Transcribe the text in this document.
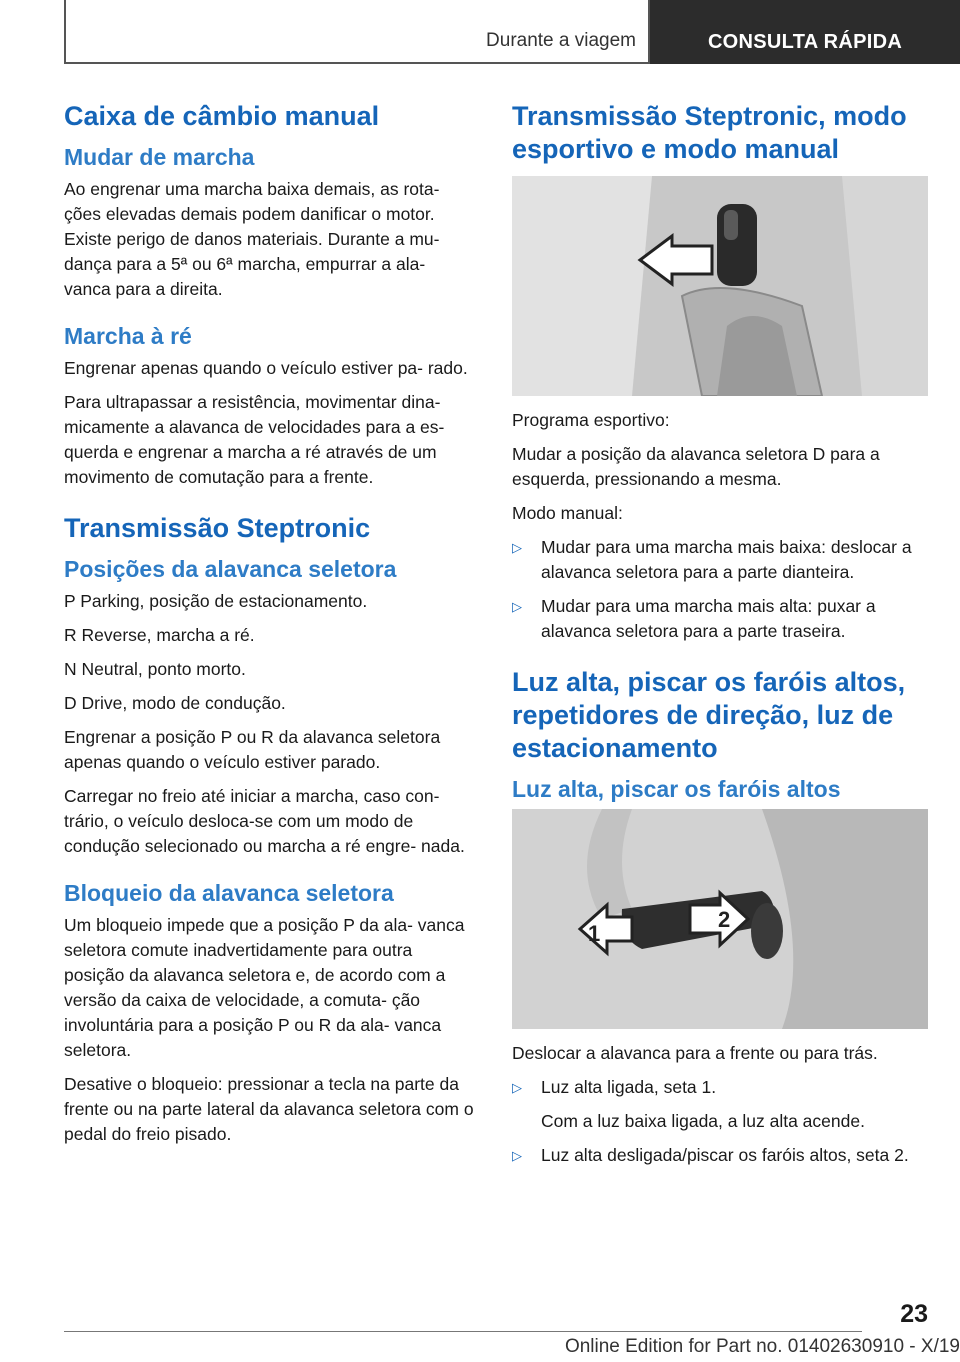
Durante a viagem	CONSULTA RÁPIDA
Caixa de câmbio manual
Mudar de marcha

Ao engrenar uma marcha baixa demais, as rota‐ ções elevadas demais podem danificar o motor. Existe perigo de danos materiais. Durante a mu‐ dança para a 5ª ou 6ª marcha, empurrar a ala‐ vanca para a direita.

Marcha à ré

Engrenar apenas quando o veículo estiver pa‐ rado.

Para ultrapassar a resistência, movimentar dina‐ micamente a alavanca de velocidades para a es‐ querda e engrenar a marcha a ré através de um movimento de comutação para a frente.

Transmissão Steptronic
Posições da alavanca seletora

P Parking, posição de estacionamento.

R Reverse, marcha a ré.

N Neutral, ponto morto.

D Drive, modo de condução.

Engrenar a posição P ou R da alavanca seletora apenas quando o veículo estiver parado.

Carregar no freio até iniciar a marcha, caso con‐ trário, o veículo desloca-se com um modo de condução selecionado ou marcha a ré engre‐ nada.

Bloqueio da alavanca seletora

Um bloqueio impede que a posição P da ala‐ vanca seletora comute inadvertidamente para outra posição da alavanca seletora e, de acordo com a versão da caixa de velocidade, a comuta‐ ção involuntária para a posição P ou R da ala‐ vanca seletora.

Desative o bloqueio: pressionar a tecla na parte da frente ou na parte lateral da alavanca seletora com o pedal do freio pisado.

Transmissão Steptronic, modo esportivo e modo manual

Programa esportivo:

Mudar a posição da alavanca seletora D para a esquerda, pressionando a mesma.

Modo manual:

▷ Mudar para uma marcha mais baixa: deslocar a alavanca seletora para a parte dianteira.
▷ Mudar para uma marcha mais alta: puxar a alavanca seletora para a parte traseira.
Luz alta, piscar os faróis altos, repetidores de direção, luz de estacionamento
Luz alta, piscar os faróis altos
1
2

Deslocar a alavanca para a frente ou para trás.

▷ Luz alta ligada, seta 1.

Com a luz baixa ligada, a luz alta acende.

▷ Luz alta desligada/piscar os faróis altos, seta 2.
23
Online Edition for Part no. 01402630910 - X/19
